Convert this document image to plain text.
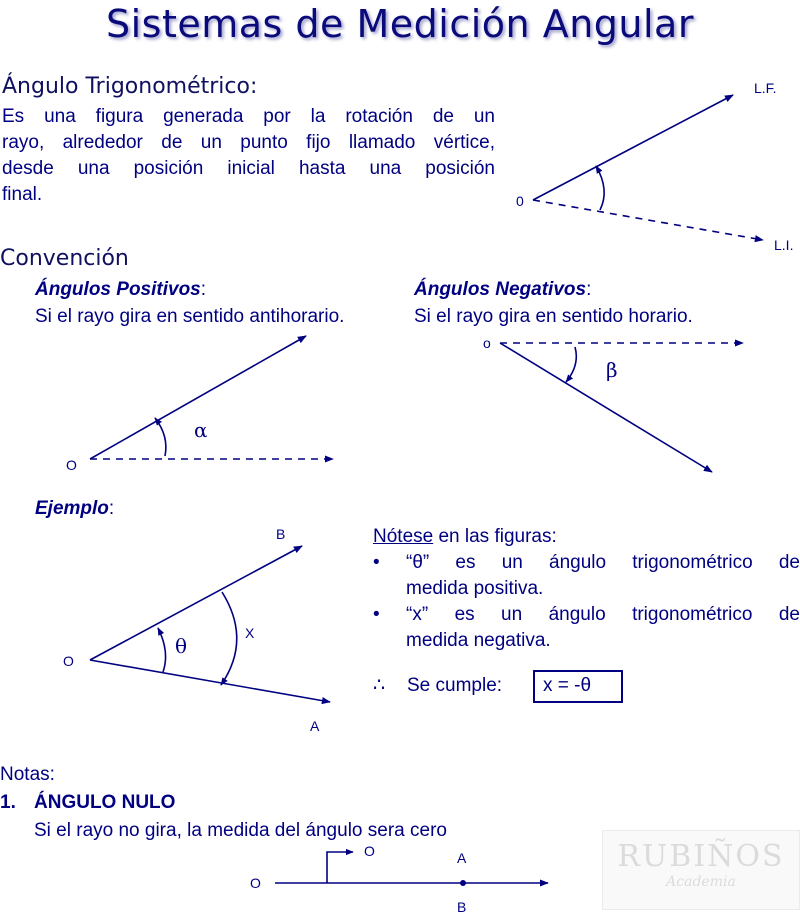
Sistemas de Medición Angular
Ángulo Trigonométrico:
Es una figura generada por la rotación de un
rayo, alrededor de un punto fijo llamado vértice,
desde una posición inicial hasta una posición
final.
L.F.
L.I.
0
Convención
Ángulos Positivos:
Si el rayo gira en sentido antihorario.
O
α
Ángulos Negativos:
Si el rayo gira en sentido horario.
o
β
Ejemplo:
B
A
O
X
θ
Nótese en las figuras:
• “θ” es un ángulo trigonométrico de
medida positiva.
• “x” es un ángulo trigonométrico de
medida negativa.
∴ Se cumple: x = -θ
Notas:
1. ÁNGULO NULO
Si el rayo no gira, la medida del ángulo sera cero
O
O	A
B
RUBIÑOS
Academia
